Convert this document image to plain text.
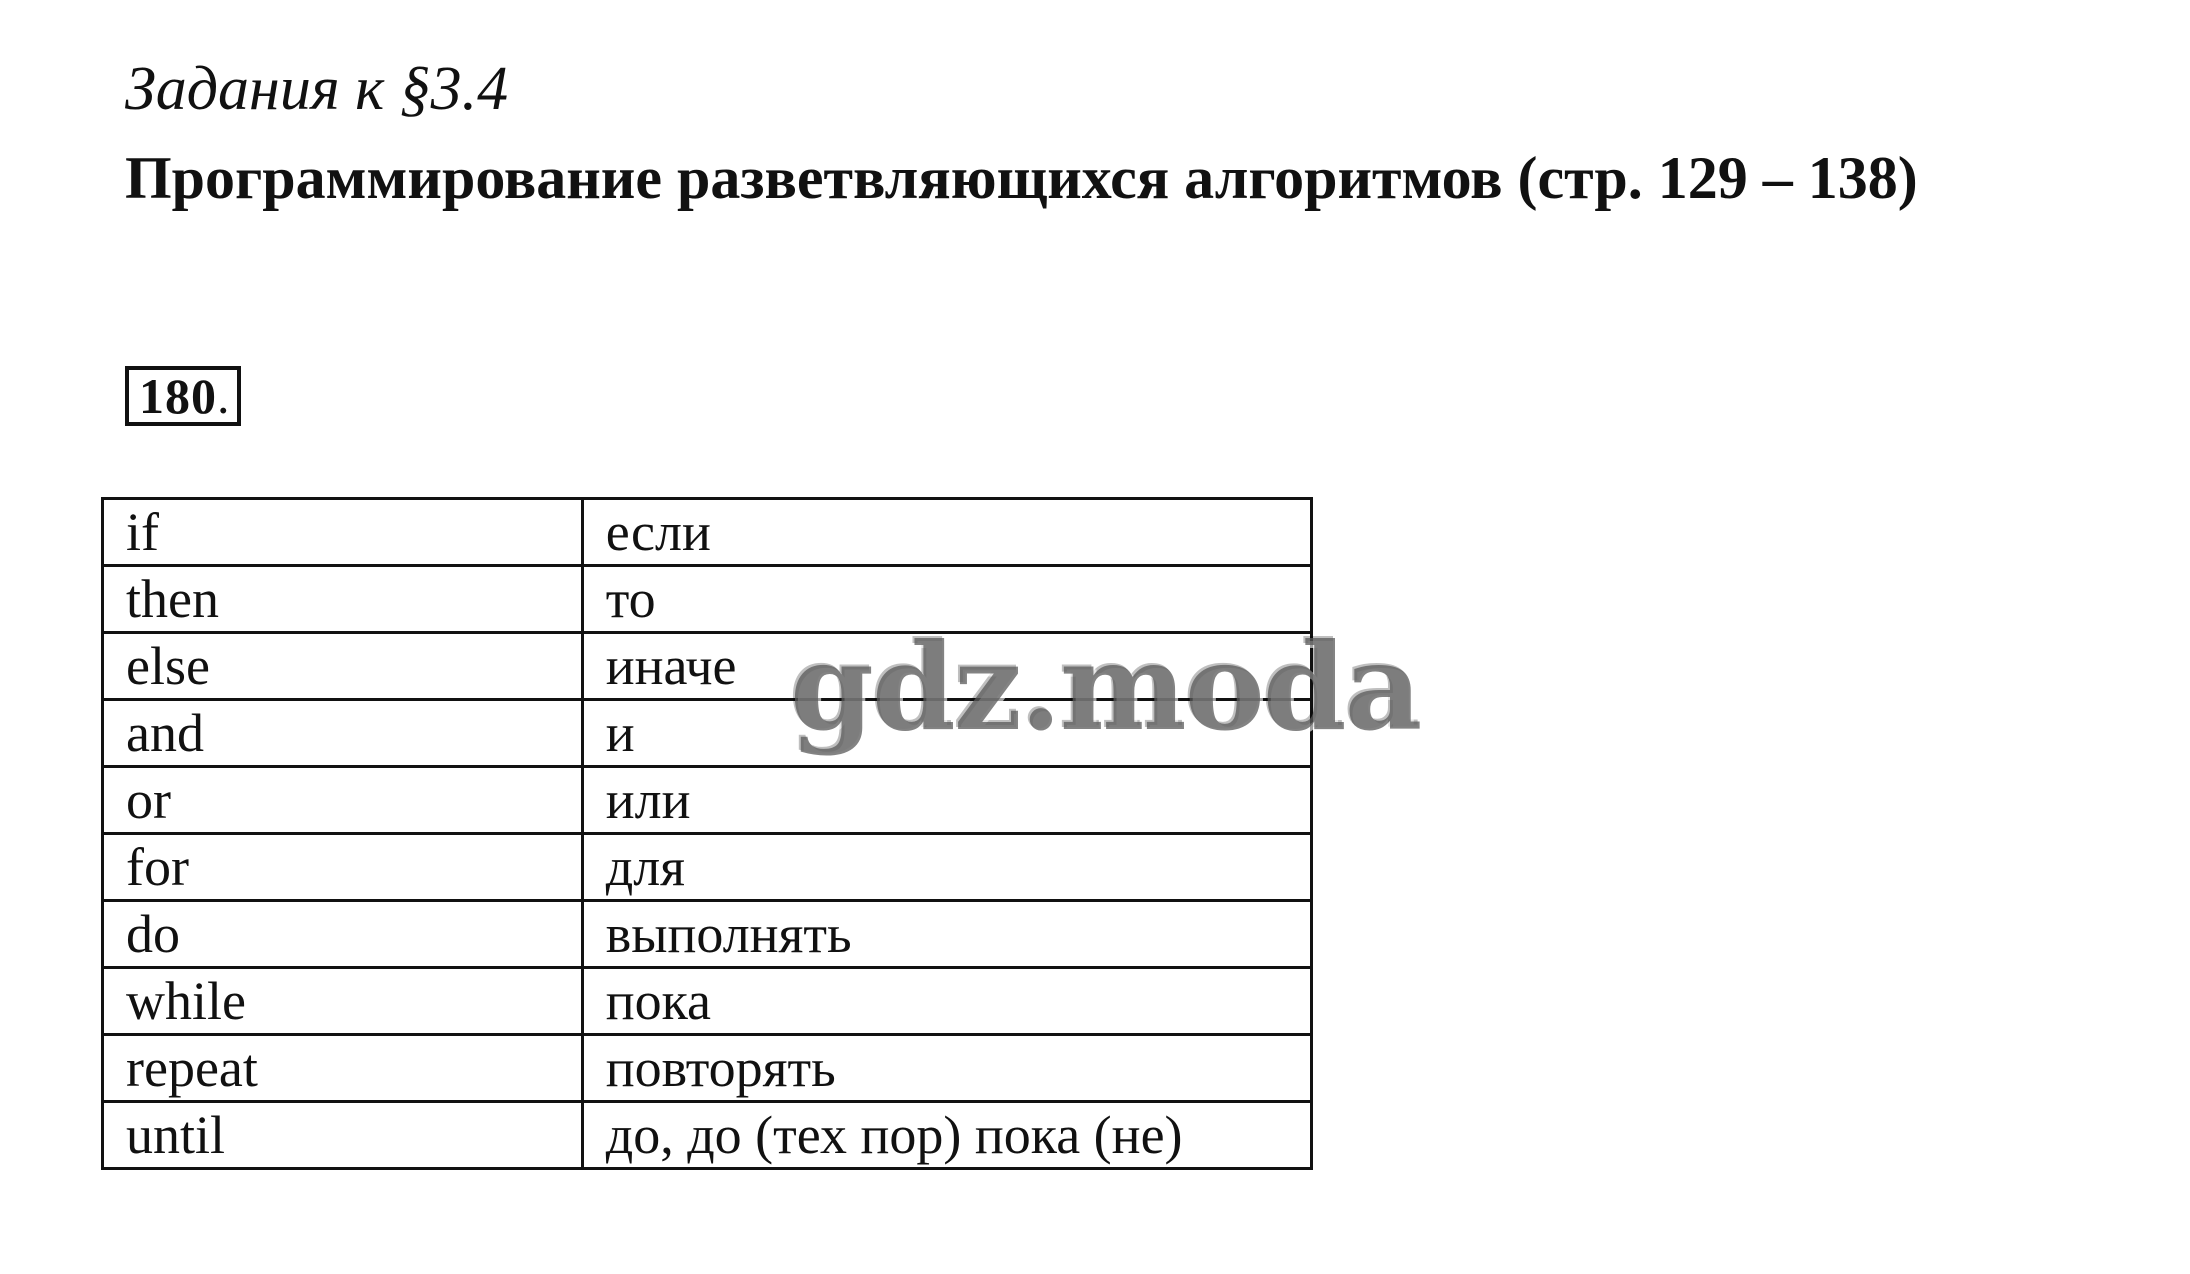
Задания к §3.4
Программирование разветвляющихся алгоритмов (стр. 129 – 138)
180 .
if	если
then	то
else	иначе
and	и
or	или
for	для
do	выполнять
while	пока
repeat	повторять
until	до, до (тех пор) пока (не)
gdz.moda
